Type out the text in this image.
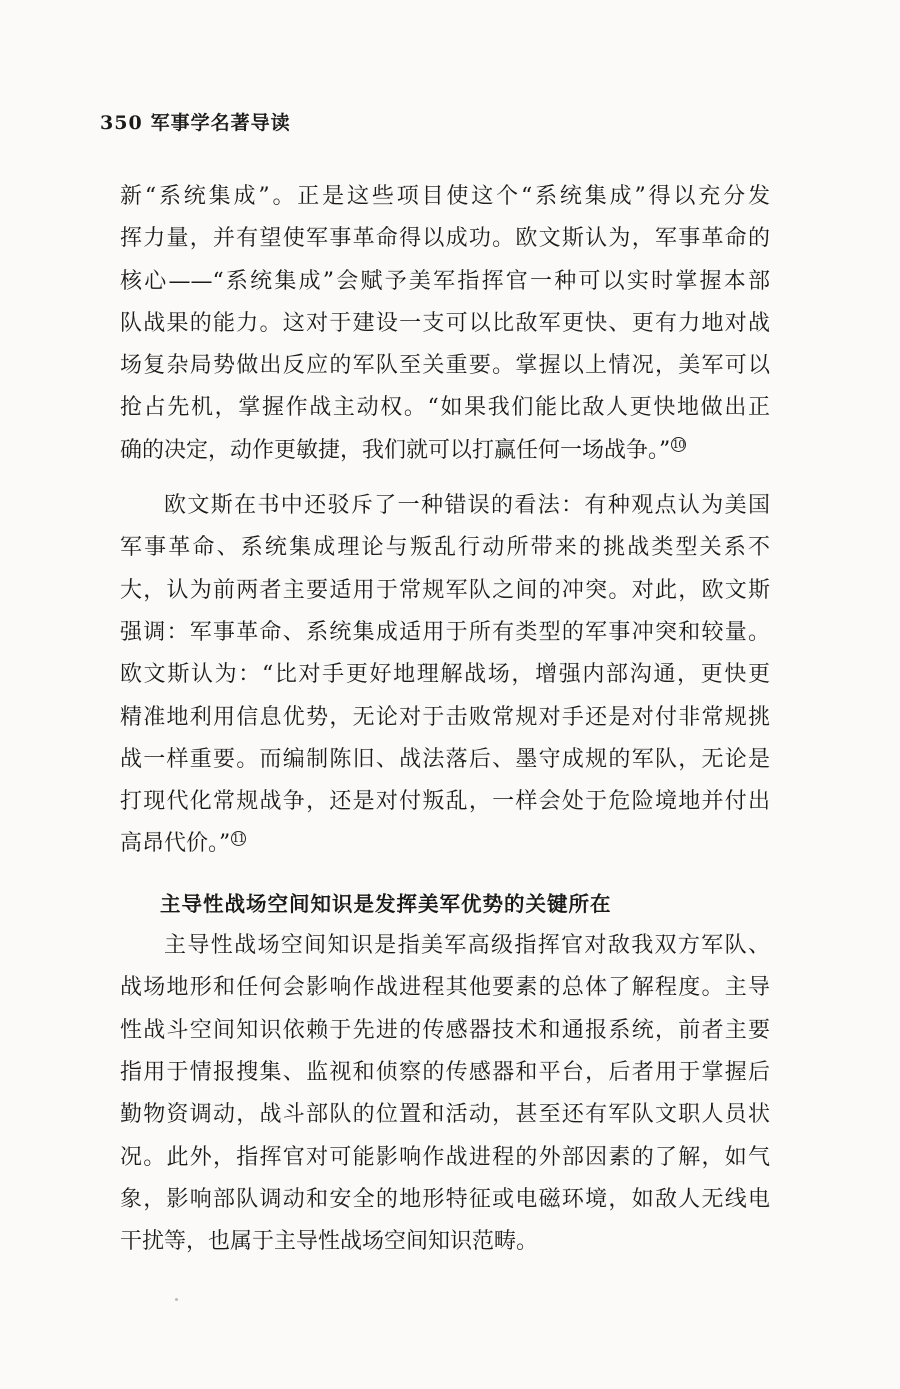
350 军事学名著导读
新“系统集成”。正是这些项目使这个“系统集成”得以充分发
挥力量，并有望使军事革命得以成功。欧文斯认为，军事革命的
核心——“系统集成”会赋予美军指挥官一种可以实时掌握本部
队战果的能力。这对于建设一支可以比敌军更快、更有力地对战
场复杂局势做出反应的军队至关重要。掌握以上情况，美军可以
抢占先机，掌握作战主动权。“如果我们能比敌人更快地做出正
确的决定，动作更敏捷，我们就可以打赢任何一场战争。” 10
欧文斯在书中还驳斥了一种错误的看法：有种观点认为美国
军事革命、系统集成理论与叛乱行动所带来的挑战类型关系不
大，认为前两者主要适用于常规军队之间的冲突。对此，欧文斯
强调：军事革命、系统集成适用于所有类型的军事冲突和较量。
欧文斯认为：“比对手更好地理解战场，增强内部沟通，更快更
精准地利用信息优势，无论对于击败常规对手还是对付非常规挑
战一样重要。而编制陈旧、战法落后、墨守成规的军队，无论是
打现代化常规战争，还是对付叛乱，一样会处于危险境地并付出
高昂代价。” 11
主导性战场空间知识是发挥美军优势的关键所在
主导性战场空间知识是指美军高级指挥官对敌我双方军队、
战场地形和任何会影响作战进程其他要素的总体了解程度。主导
性战斗空间知识依赖于先进的传感器技术和通报系统，前者主要
指用于情报搜集、监视和侦察的传感器和平台，后者用于掌握后
勤物资调动，战斗部队的位置和活动，甚至还有军队文职人员状
况。此外，指挥官对可能影响作战进程的外部因素的了解，如气
象，影响部队调动和安全的地形特征或电磁环境，如敌人无线电
干扰等，也属于主导性战场空间知识范畴。
